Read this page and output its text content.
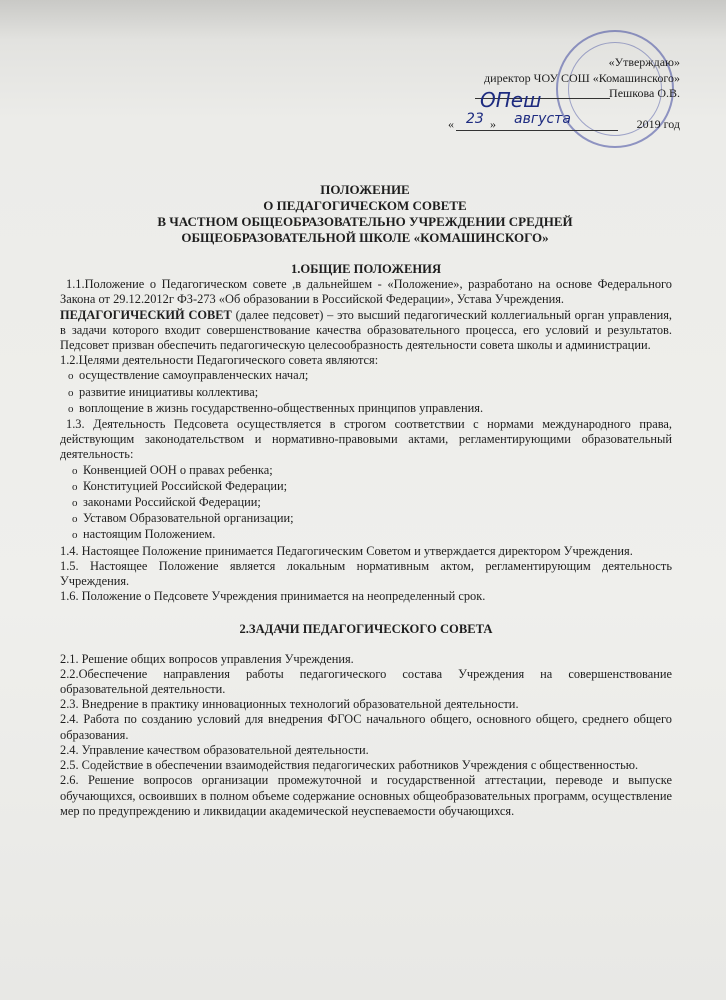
«Утверждаю»
директор ЧОУ СОШ «Комашинского»
Пешкова О.В.
« 23 » августа	2019 год
ОПеш
ПОЛОЖЕНИЕ
О ПЕДАГОГИЧЕСКОМ СОВЕТЕ
В ЧАСТНОМ ОБЩЕОБРАЗОВАТЕЛЬНО УЧРЕЖДЕНИИ СРЕДНЕЙ
ОБЩЕОБРАЗОВАТЕЛЬНОЙ ШКОЛЕ «КОМАШИНСКОГО»

1.ОБЩИЕ ПОЛОЖЕНИЯ

1.1.Положение о Педагогическом совете ,в дальнейшем - «Положение», разработано на основе Федерального Закона от 29.12.2012г ФЗ-273 «Об образовании в Российской Федерации», Устава Учреждения.

ПЕДАГОГИЧЕСКИЙ СОВЕТ (далее педсовет) – это высший педагогический коллегиальный орган управления, в задачи которого входит совершенствование качества образовательного процесса, его условий и результатов. Педсовет призван обеспечить педагогическую целесообразность деятельности совета школы и администрации.

1.2.Целями деятельности Педагогического совета являются:

o осуществление самоуправленческих начал;
o развитие инициативы коллектива;
o воплощение в жизнь государственно-общественных принципов управления.

1.3. Деятельность Педсовета осуществляется в строгом соответствии с нормами международного права, действующим законодательством и нормативно-правовыми актами, регламентирующими образовательный деятельность:

o Конвенцией ООН о правах ребенка;
o Конституцией Российской Федерации;
o законами Российской Федерации;
o Уставом Образовательной организации;
o настоящим Положением.

1.4. Настоящее Положение принимается Педагогическим Советом и утверждается директором Учреждения.

1.5. Настоящее Положение является локальным нормативным актом, регламентирующим деятельность Учреждения.

1.6. Положение о Педсовете Учреждения принимается на неопределенный срок.

2.ЗАДАЧИ ПЕДАГОГИЧЕСКОГО СОВЕТА

2.1. Решение общих вопросов управления Учреждения.

2.2.Обеспечение направления работы педагогического состава Учреждения на совершенствование образовательной деятельности.

2.3. Внедрение в практику инновационных технологий образовательной деятельности.

2.4. Работа по созданию условий для внедрения ФГОС начального общего, основного общего, среднего общего образования.

2.4. Управление качеством образовательной деятельности.

2.5. Содействие в обеспечении взаимодействия педагогических работников Учреждения с общественностью.

2.6. Решение вопросов организации промежуточной и государственной аттестации, переводе и выпуске обучающихся, освоивших в полном объеме содержание основных общеобразовательных программ, осуществление мер по предупреждению и ликвидации академической неуспеваемости обучающихся.
